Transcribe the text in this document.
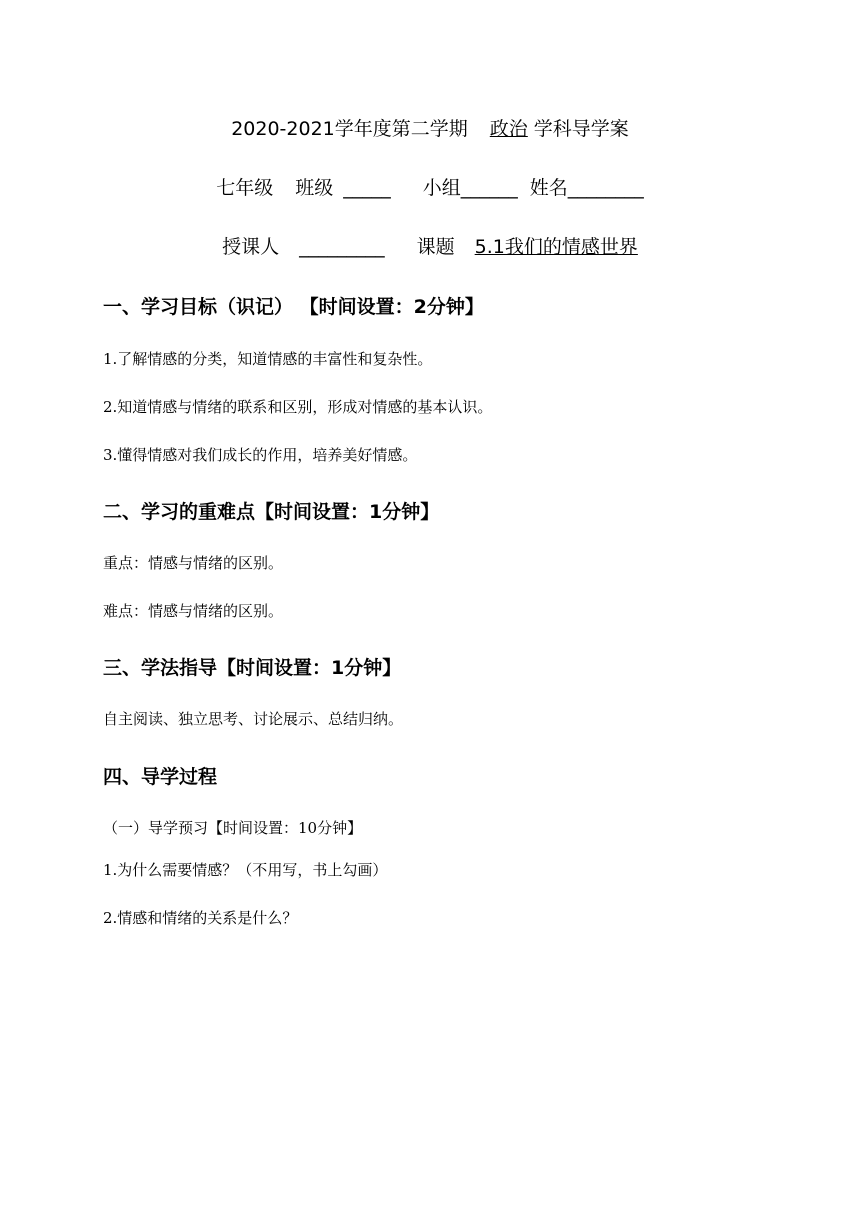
2020-2021学年度第二学期 政治 学科导学案
七年级 班级 _____ 小组______ 姓名________
授课人 _________ 课题 5.1我们的情感世界
一、学习目标（识记） 【时间设置：2分钟】
1.了解情感的分类，知道情感的丰富性和复杂性。
2.知道情感与情绪的联系和区别，形成对情感的基本认识。
3.懂得情感对我们成长的作用，培养美好情感。
二、学习的重难点【时间设置：1分钟】
重点：情感与情绪的区别。
难点：情感与情绪的区别。
三、学法指导【时间设置：1分钟】
自主阅读、独立思考、讨论展示、总结归纳。
四、导学过程
（一）导学预习【时间设置：10分钟】
1.为什么需要情感？（不用写，书上勾画）
2.情感和情绪的关系是什么？
